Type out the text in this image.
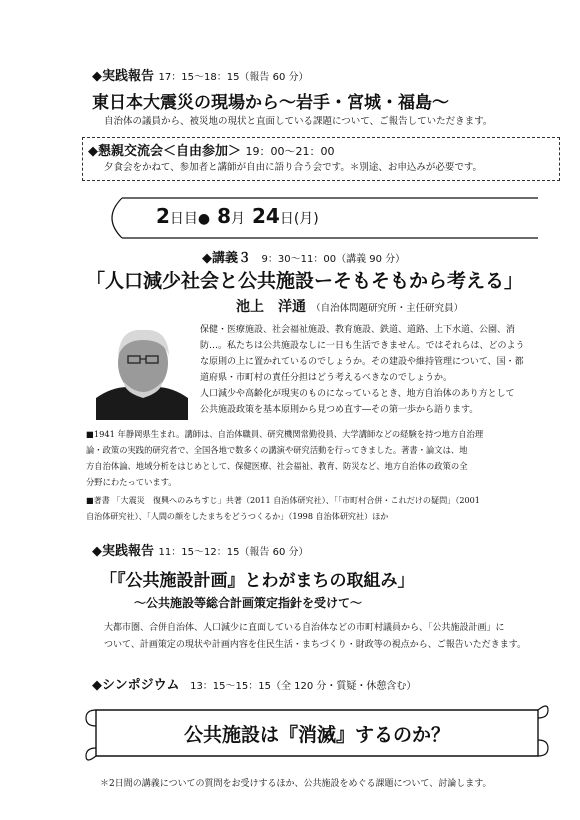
◆実践報告 17：15〜18：15（報告 60 分）
東日本大震災の現場から～岩手・宮城・福島～
自治体の議員から、被災地の現状と直面している課題について、ご報告していただきます。
◆懇親交流会＜自由参加＞ 19：00〜21：00
夕食会をかねて、参加者と講師が自由に語り合う会です。＊別途、お申込みが必要です。
2日目● 8月 24日(月)
◆講義３ 9：30〜11：00（講義 90 分）
「人口減少社会と公共施設ーそもそもから考える」
池上　洋通 （自治体問題研究所・主任研究員）
保健・医療施設、社会福祉施設、教育施設、鉄道、道路、上下水道、公園、消
防…。私たちは公共施設なしに一日も生活できません。ではそれらは、どのよう
な原則の上に置かれているのでしょうか。その建設や維持管理について、国・都
道府県・市町村の責任分担はどう考えるべきなのでしょうか。
人口減少や高齢化が現実のものになっているとき、地方自治体のあり方として
公共施設政策を基本原則から見つめ直す―その第一歩から語ります。
■1941 年静岡県生まれ。講師は、自治体職員、研究機関常勤役員、大学講師などの経験を持つ地方自治理
論・政策の実践的研究者で、全国各地で数多くの講演や研究活動を行ってきました。著書・論文は、地
方自治体論、地域分析をはじめとして、保健医療、社会福祉、教育、防災など、地方自治体の政策の全
分野にわたっています。
■著書 「大震災　復興へのみちすじ」共著（2011 自治体研究社）、「「市町村合併・これだけの疑問」（2001
自治体研究社）、「人間の顔をしたまちをどうつくるか」（1998 自治体研究社）ほか
◆実践報告 11：15〜12：15（報告 60 分）
「『公共施設計画』とわがまちの取組み」
～公共施設等総合計画策定指針を受けて～
大都市圏、合併自治体、人口減少に直面している自治体などの市町村議員から、「公共施設計画」に
ついて、計画策定の現状や計画内容を住民生活・まちづくり・財政等の視点から、ご報告いただきます。
◆シンポジウム 13：15〜15：15（全 120 分・質疑・休憩含む）
公共施設は『消滅』するのか？
＊2日間の講義についての質問をお受けするほか、公共施設をめぐる課題について、討論します。
